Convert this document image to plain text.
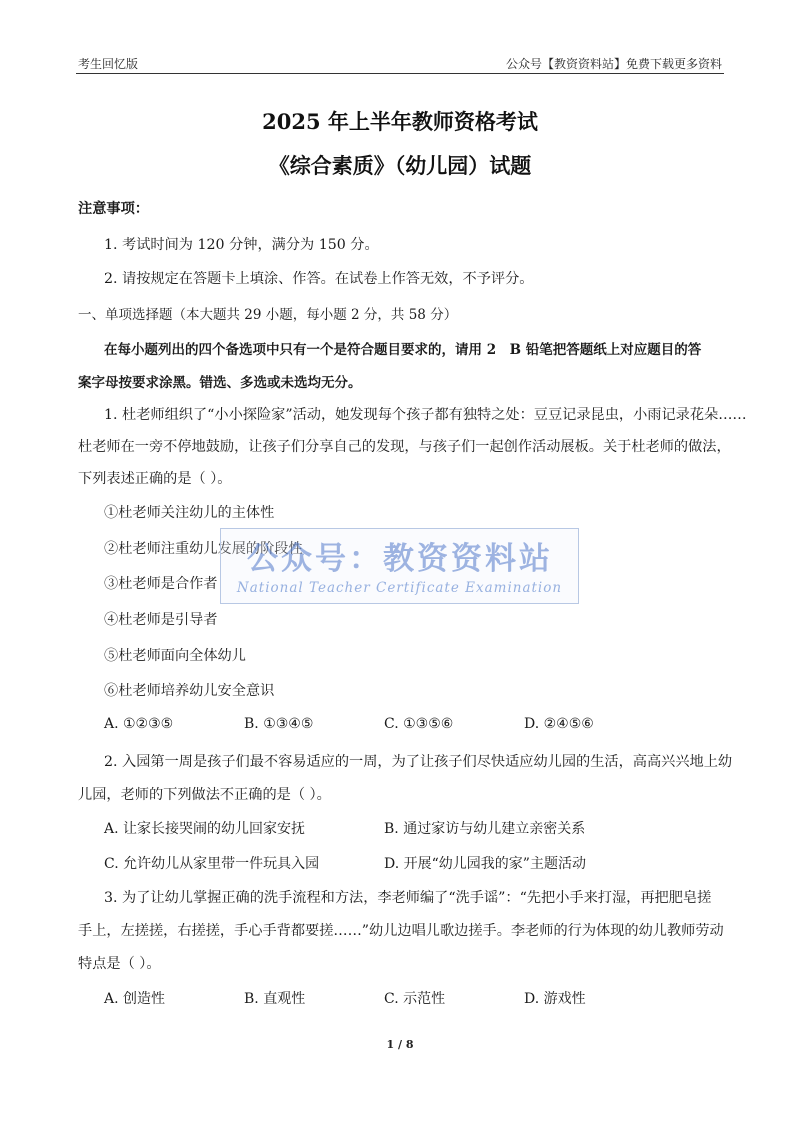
考生回忆版	公众号【教资资料站】免费下载更多资料
2025 年上半年教师资格考试
《综合素质》（幼儿园）试题
注意事项：
1. 考试时间为 120 分钟，满分为 150 分。
2. 请按规定在答题卡上填涂、作答。在试卷上作答无效，不予评分。
一、单项选择题（本大题共 29 小题，每小题 2 分，共 58 分）
在每小题列出的四个备选项中只有一个是符合题目要求的，请用 2　B 铅笔把答题纸上对应题目的答
案字母按要求涂黑。错选、多选或未选均无分。
1. 杜老师组织了“小小探险家”活动，她发现每个孩子都有独特之处：豆豆记录昆虫，小雨记录花朵……
杜老师在一旁不停地鼓励，让孩子们分享自己的发现，与孩子们一起创作活动展板。关于杜老师的做法，
下列表述正确的是（ ）。
①杜老师关注幼儿的主体性
②杜老师注重幼儿发展的阶段性
③杜老师是合作者
④杜老师是引导者
⑤杜老师面向全体幼儿
⑥杜老师培养幼儿安全意识
A. ①②③⑤	B. ①③④⑤	C. ①③⑤⑥	D. ②④⑤⑥
2. 入园第一周是孩子们最不容易适应的一周，为了让孩子们尽快适应幼儿园的生活，高高兴兴地上幼
儿园，老师的下列做法不正确的是（ ）。
A. 让家长接哭闹的幼儿回家安抚	B. 通过家访与幼儿建立亲密关系
C. 允许幼儿从家里带一件玩具入园	D. 开展“幼儿园我的家”主题活动
3. 为了让幼儿掌握正确的洗手流程和方法，李老师编了“洗手谣”：“先把小手来打湿，再把肥皂搓
手上，左搓搓，右搓搓，手心手背都要搓……”幼儿边唱儿歌边搓手。李老师的行为体现的幼儿教师劳动
特点是（ ）。
A. 创造性	B. 直观性	C. 示范性	D. 游戏性
公众号：教资资料站
National Teacher Certificate Examination
1 / 8
